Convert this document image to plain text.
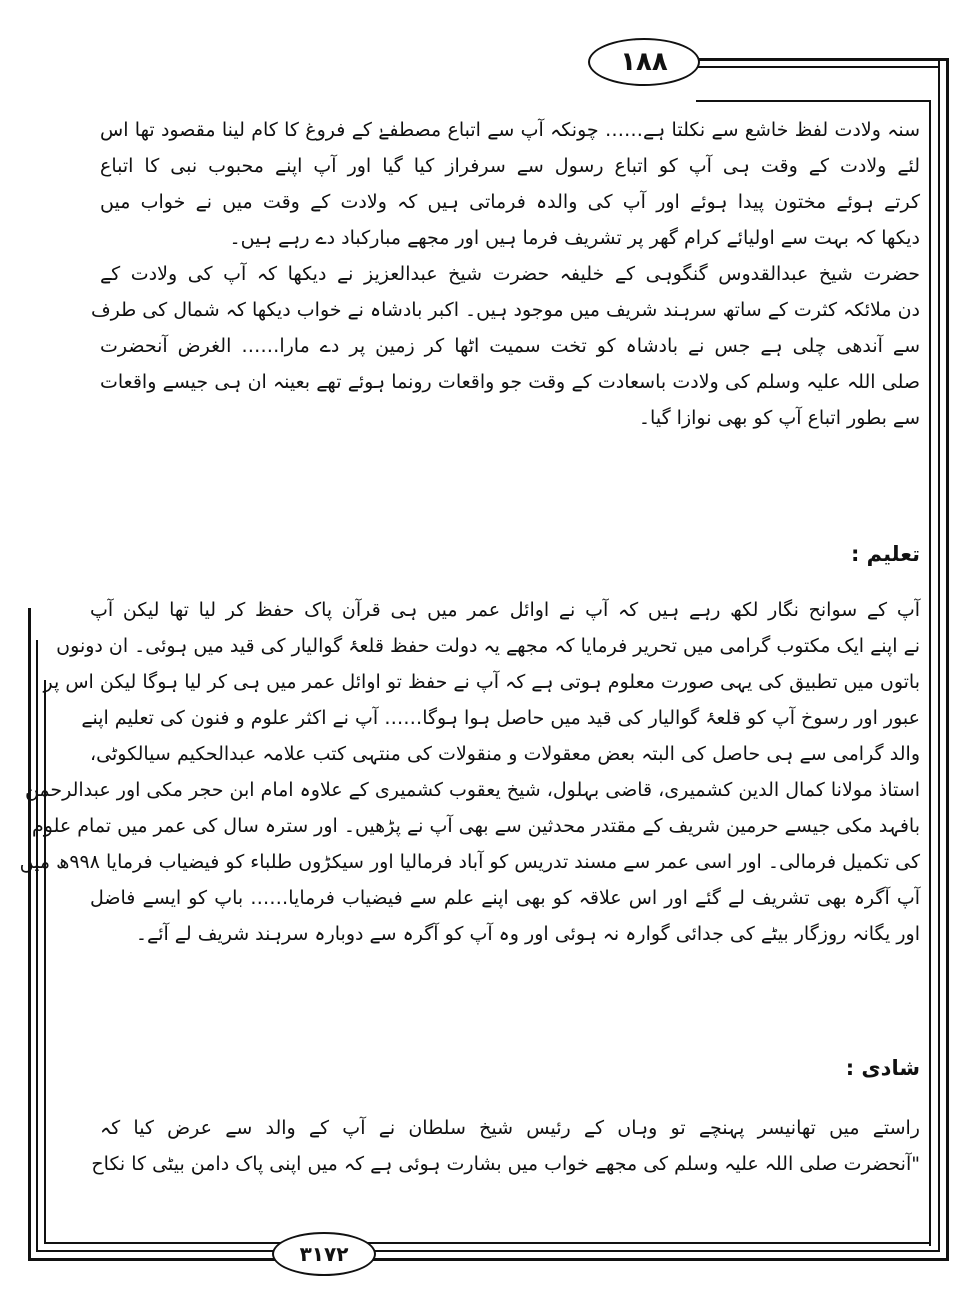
۱۸۸
سنہ ولادت لفظ خاشع سے نکلتا ہے…… چونکہ آپ سے اتباع مصطفےٰ کے فروغ کا کام لینا مقصود تھا اس
لئے ولادت کے وقت ہی آپ کو اتباع رسول سے سرفراز کیا گیا اور آپ اپنے محبوب نبی کا اتباع
کرتے ہوئے مختون پیدا ہوئے اور آپ کی والدہ فرماتی ہیں کہ ولادت کے وقت میں نے خواب میں
دیکھا کہ بہت سے اولیائے کرام گھر پر تشریف فرما ہیں اور مجھے مبارکباد دے رہے ہیں۔
حضرت شیخ عبدالقدوس گنگوہی کے خلیفہ حضرت شیخ عبدالعزیز نے دیکھا کہ آپ کی ولادت کے
دن ملائکہ کثرت کے ساتھ سرہند شریف میں موجود ہیں۔ اکبر بادشاہ نے خواب دیکھا کہ شمال کی طرف
سے آندھی چلی ہے جس نے بادشاہ کو تخت سمیت اٹھا کر زمین پر دے مارا…… الغرض آنحضرت
صلی اللہ علیہ وسلم کی ولادت باسعادت کے وقت جو واقعات رونما ہوئے تھے بعینہ ان ہی جیسے واقعات
سے بطور اتباع آپ کو بھی نوازا گیا۔
تعلیم :
آپ کے سوانح نگار لکھ رہے ہیں کہ آپ نے اوائل عمر میں ہی قرآن پاک حفظ کر لیا تھا لیکن آپ
نے اپنے ایک مکتوب گرامی میں تحریر فرمایا کہ مجھے یہ دولت حفظ قلعۂ گوالیار کی قید میں ہوئی۔ ان دونوں
باتوں میں تطبیق کی یہی صورت معلوم ہوتی ہے کہ آپ نے حفظ تو اوائل عمر میں ہی کر لیا ہوگا لیکن اس پر
عبور اور رسوخ آپ کو قلعۂ گوالیار کی قید میں حاصل ہوا ہوگا…… آپ نے اکثر علوم و فنون کی تعلیم اپنے
والد گرامی سے ہی حاصل کی البتہ بعض معقولات و منقولات کی منتہی کتب علامہ عبدالحکیم سیالکوٹی،
استاذ مولانا کمال الدین کشمیری، قاضی بہلول، شیخ یعقوب کشمیری کے علاوہ امام ابن حجر مکی اور عبدالرحمٰن
بافہد مکی جیسے حرمین شریف کے مقتدر محدثین سے بھی آپ نے پڑھیں۔ اور سترہ سال کی عمر میں تمام علوم
کی تکمیل فرمالی۔ اور اسی عمر سے مسند تدریس کو آباد فرمالیا اور سیکڑوں طلباء کو فیضیاب فرمایا ۹۹۸ھ میں
آپ آگرہ بھی تشریف لے گئے اور اس علاقہ کو بھی اپنے علم سے فیضیاب فرمایا…… باپ کو ایسے فاضل
اور یگانہ روزگار بیٹے کی جدائی گوارہ نہ ہوئی اور وہ آپ کو آگرہ سے دوبارہ سرہند شریف لے آئے۔
شادی :
راستے میں تھانیسر پہنچے تو وہاں کے رئیس شیخ سلطان نے آپ کے والد سے عرض کیا کہ
"آنحضرت صلی اللہ علیہ وسلم کی مجھے خواب میں بشارت ہوئی ہے کہ میں اپنی پاک دامن بیٹی کا نکاح
۳۱۷۲
